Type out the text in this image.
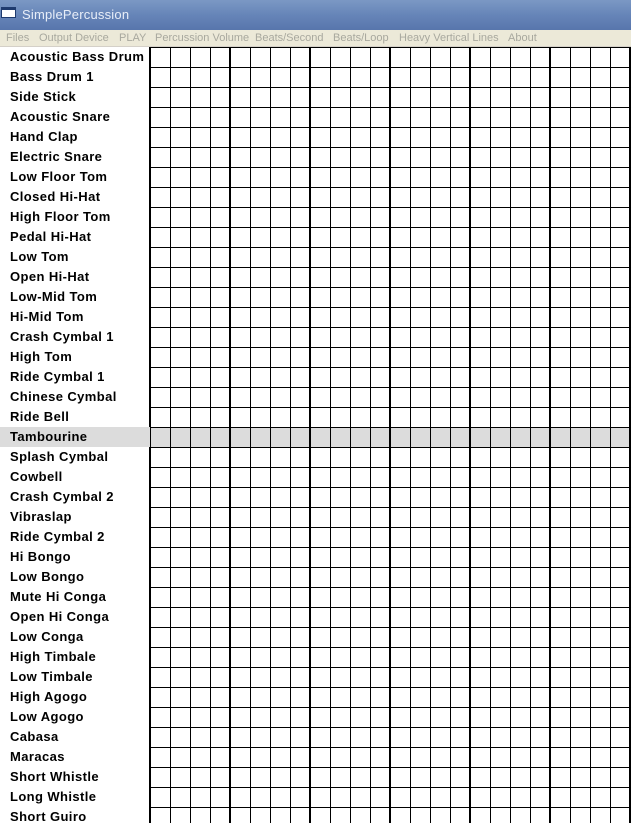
SimplePercussion
Files Output Device PLAY Percussion Volume Beats/Second Beats/Loop Heavy Vertical Lines About
Acoustic Bass Drum
Bass Drum 1
Side Stick
Acoustic Snare
Hand Clap
Electric Snare
Low Floor Tom
Closed Hi-Hat
High Floor Tom
Pedal Hi-Hat
Low Tom
Open Hi-Hat
Low-Mid Tom
Hi-Mid Tom
Crash Cymbal 1
High Tom
Ride Cymbal 1
Chinese Cymbal
Ride Bell
Tambourine
Splash Cymbal
Cowbell
Crash Cymbal 2
Vibraslap
Ride Cymbal 2
Hi Bongo
Low Bongo
Mute Hi Conga
Open Hi Conga
Low Conga
High Timbale
Low Timbale
High Agogo
Low Agogo
Cabasa
Maracas
Short Whistle
Long Whistle
Short Guiro
